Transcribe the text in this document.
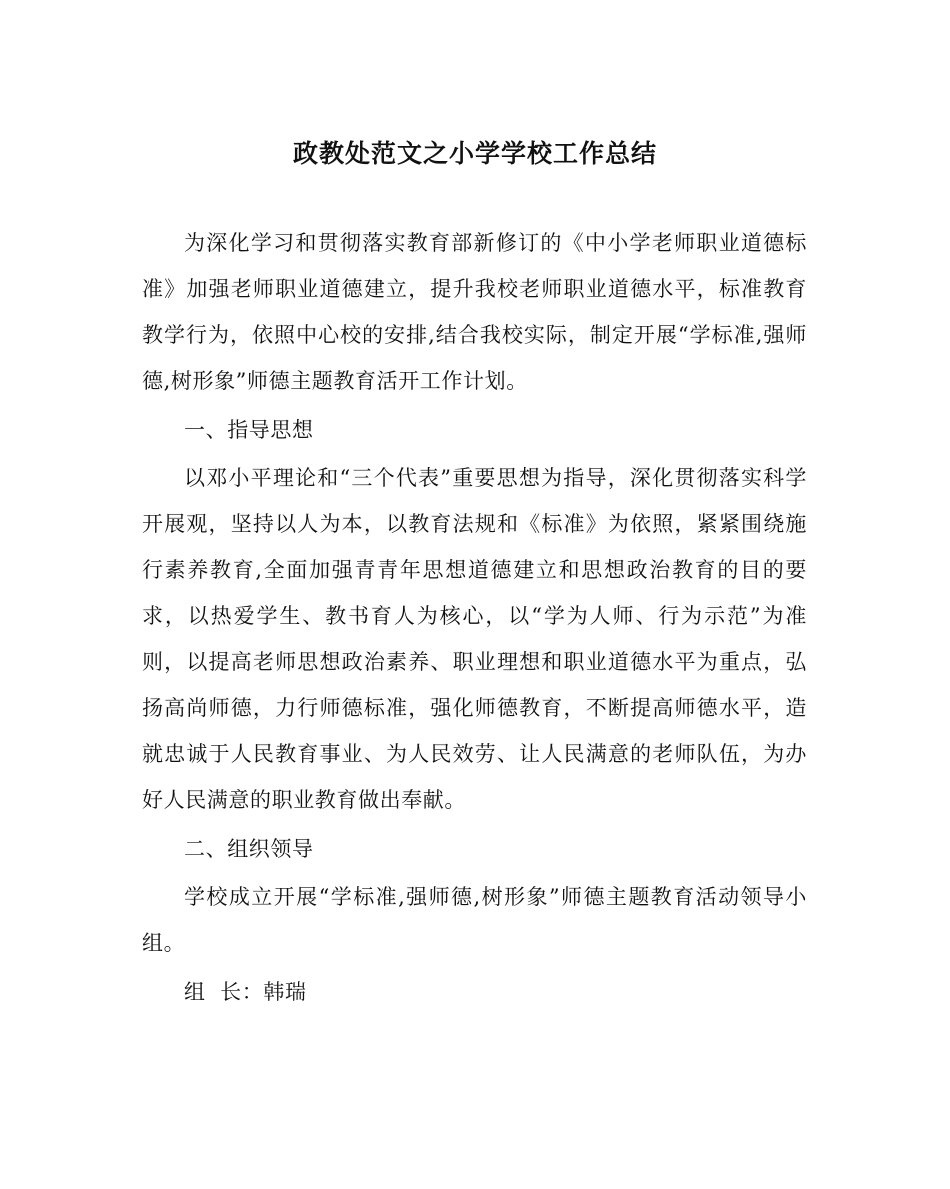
政教处范文之小学学校工作总结

为深化学习和贯彻落实教育部新修订的《中小学老师职业道德标准》加强老师职业道德建立，提升我校老师职业道德水平，标准教育教学行为，依照中心校的安排,结合我校实际，制定开展“学标准,强师德,树形象”师德主题教育活开工作计划。

一、指导思想

以邓小平理论和“三个代表”重要思想为指导，深化贯彻落实科学开展观，坚持以人为本，以教育法规和《标准》为依照，紧紧围绕施行素养教育,全面加强青青年思想道德建立和思想政治教育的目的要求，以热爱学生、教书育人为核心，以“学为人师、行为示范”为准则，以提高老师思想政治素养、职业理想和职业道德水平为重点，弘扬高尚师德，力行师德标准，强化师德教育，不断提高师德水平，造就忠诚于人民教育事业、为人民效劳、让人民满意的老师队伍，为办好人民满意的职业教育做出奉献。

二、组织领导

学校成立开展“学标准,强师德,树形象”师德主题教育活动领导小组。

组  长：韩瑞
